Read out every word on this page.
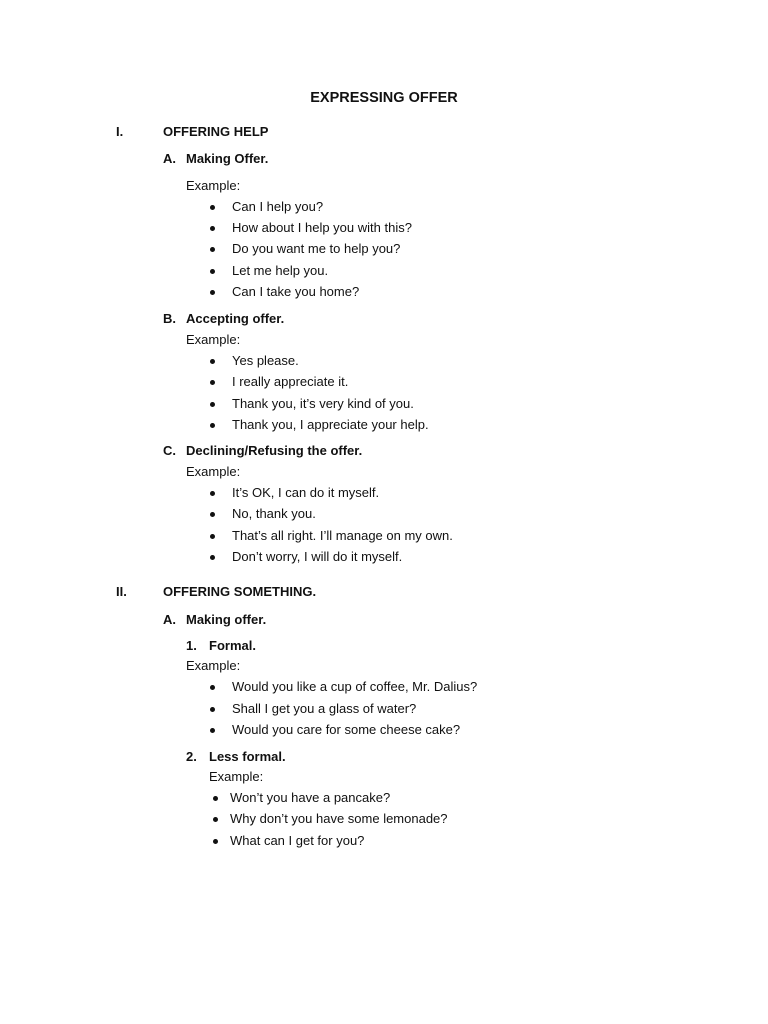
EXPRESSING OFFER
I.	OFFERING HELP
A. Making Offer.
Example:
Can I help you?
How about I help you with this?
Do you want me to help you?
Let me help you.
Can I take you home?
B. Accepting offer.
Example:
Yes please.
I really appreciate it.
Thank you, it’s very kind of you.
Thank you, I appreciate your help.
C. Declining/Refusing the offer.
Example:
It’s OK, I can do it myself.
No, thank you.
That’s all right. I’ll manage on my own.
Don’t worry, I will do it myself.
II.	OFFERING SOMETHING.
A. Making offer.
1. Formal.
Example:
Would you like a cup of coffee, Mr. Dalius?
Shall I get you a glass of water?
Would you care for some cheese cake?
2. Less formal.
Example:
Won’t you have a pancake?
Why don’t you have some lemonade?
What can I get for you?
